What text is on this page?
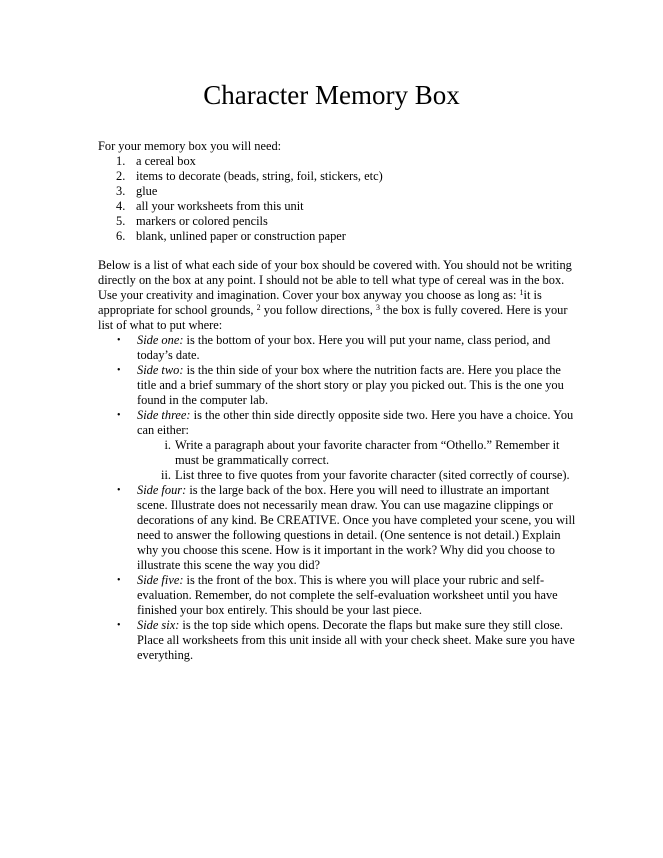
Character Memory Box
For your memory box you will need:
1. a cereal box
2. items to decorate (beads, string, foil, stickers, etc)
3. glue
4. all your worksheets from this unit
5. markers or colored pencils
6. blank, unlined paper or construction paper

Below is a list of what each side of your box should be covered with. You should not be writing directly on the box at any point. I should not be able to tell what type of cereal was in the box. Use your creativity and imagination. Cover your box anyway you choose as long as: $^1$it is appropriate for school grounds, $^2$ you follow directions, $^3$ the box is fully covered. Here is your list of what to put where:

• Side one: is the bottom of your box. Here you will put your name, class period, and today’s date.
• Side two: is the thin side of your box where the nutrition facts are. Here you place the title and a brief summary of the short story or play you picked out. This is the one you found in the computer lab.
• Side three: is the other thin side directly opposite side two. Here you have a choice. You can either:
i. Write a paragraph about your favorite character from “Othello.” Remember it must be grammatically correct.
ii. List three to five quotes from your favorite character (sited correctly of course).
• Side four: is the large back of the box. Here you will need to illustrate an important scene. Illustrate does not necessarily mean draw. You can use magazine clippings or decorations of any kind. Be CREATIVE. Once you have completed your scene, you will need to answer the following questions in detail. (One sentence is not detail.) Explain why you choose this scene. How is it important in the work? Why did you choose to illustrate this scene the way you did?
• Side five: is the front of the box. This is where you will place your rubric and self-evaluation. Remember, do not complete the self-evaluation worksheet until you have finished your box entirely. This should be your last piece.
• Side six: is the top side which opens. Decorate the flaps but make sure they still close. Place all worksheets from this unit inside all with your check sheet. Make sure you have everything.
